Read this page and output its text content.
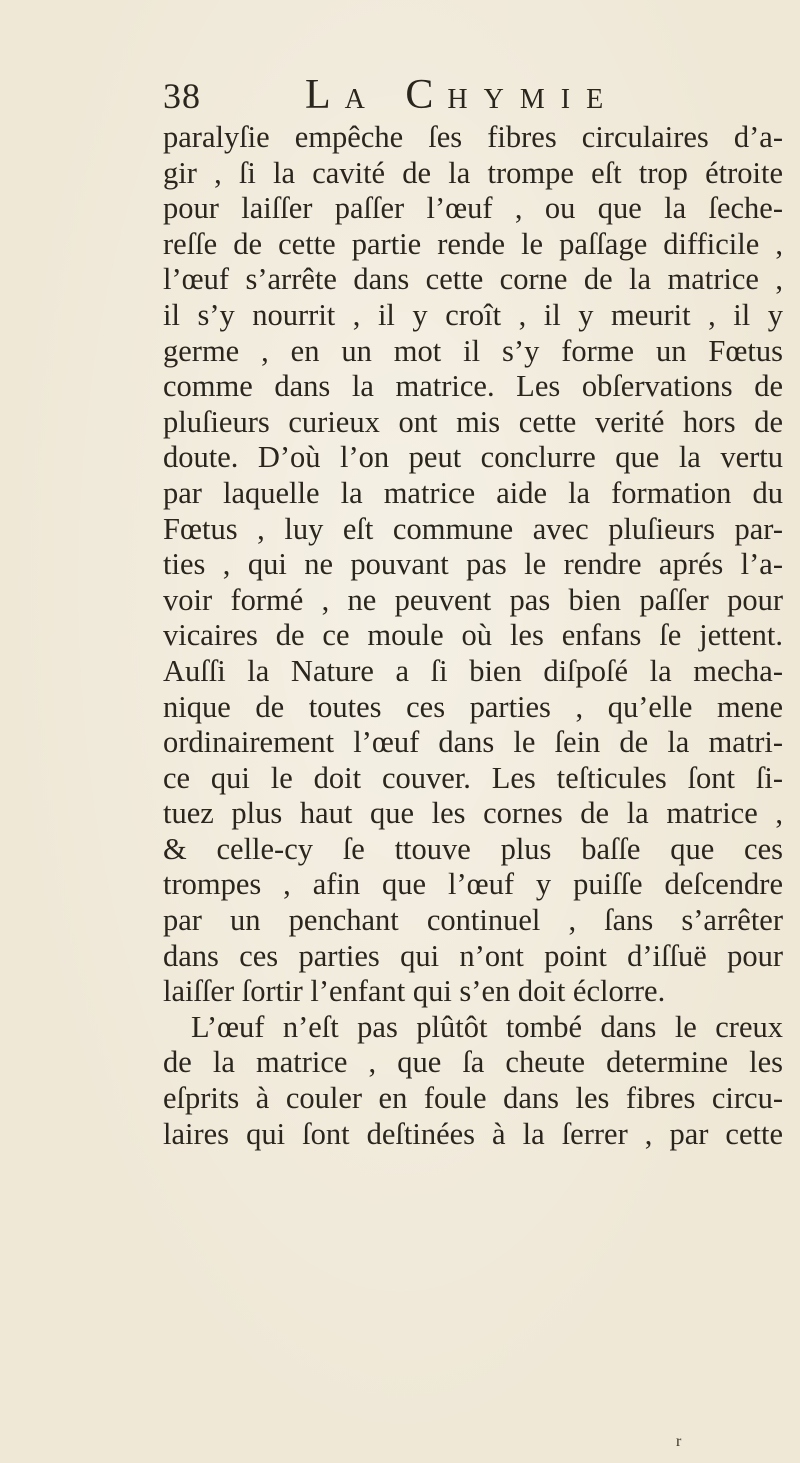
38 LA CHYMIE
paralyſie empêche ſes fibres circulaires d’a-
gir , ſi la cavité de la trompe eſt trop étroite
pour laiſſer paſſer l’œuf , ou que la ſeche-
reſſe de cette partie rende le paſſage difficile ,
l’œuf s’arrête dans cette corne de la matrice ,
il s’y nourrit , il y croît , il y meurit , il y
germe , en un mot il s’y forme un Fœtus
comme dans la matrice. Les obſervations de
pluſieurs curieux ont mis cette verité hors de
doute. D’où l’on peut conclurre que la vertu
par laquelle la matrice aide la formation du
Fœtus , luy eſt commune avec pluſieurs par-
ties , qui ne pouvant pas le rendre aprés l’a-
voir formé , ne peuvent pas bien paſſer pour
vicaires de ce moule où les enfans ſe jettent.
Auſſi la Nature a ſi bien diſpoſé la mecha-
nique de toutes ces parties , qu’elle mene
ordinairement l’œuf dans le ſein de la matri-
ce qui le doit couver. Les teſticules ſont ſi-
tuez plus haut que les cornes de la matrice ,
& celle-cy ſe ttouve plus baſſe que ces
trompes , afin que l’œuf y puiſſe deſcendre
par un penchant continuel , ſans s’arrêter
dans ces parties qui n’ont point d’iſſuë pour
laiſſer ſortir l’enfant qui s’en doit éclorre.
L’œuf n’eſt pas plûtôt tombé dans le creux
de la matrice , que ſa cheute determine les
eſprits à couler en foule dans les fibres circu-
laires qui ſont deſtinées à la ſerrer , par cette
r
